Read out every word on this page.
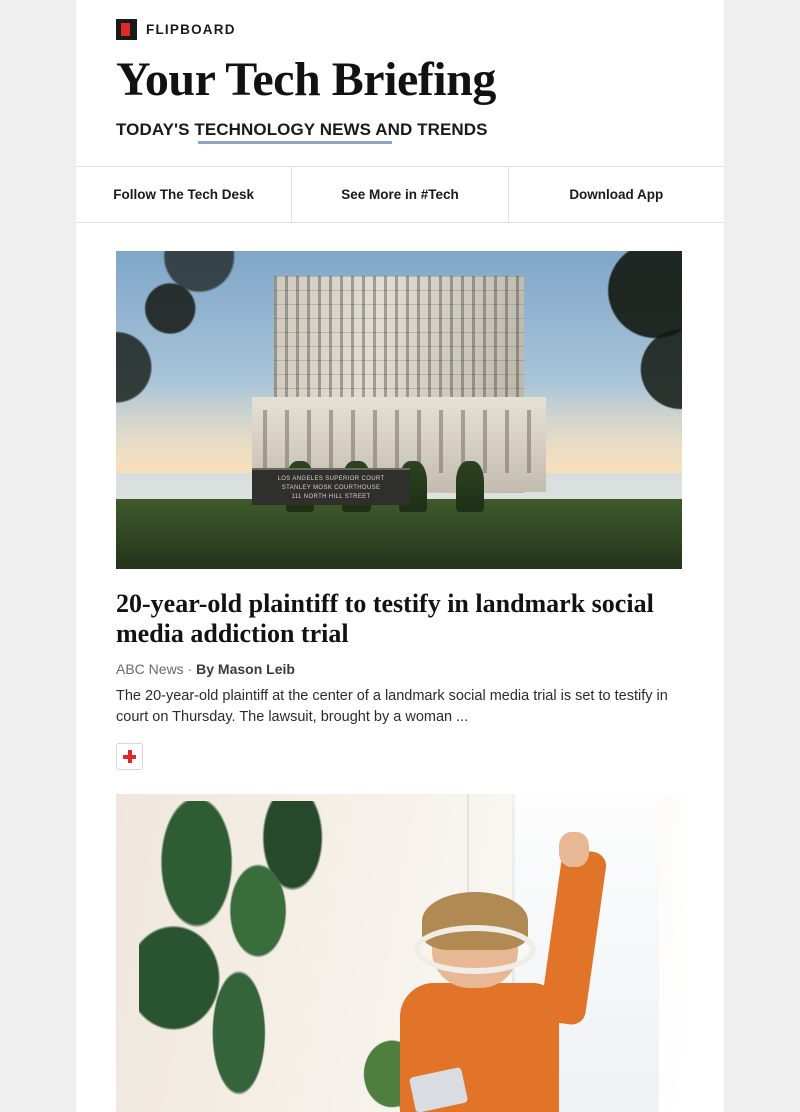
FLIPBOARD
Your Tech Briefing
TODAY'S TECHNOLOGY NEWS AND TRENDS
Follow The Tech Desk	See More in #Tech	Download App
LOS ANGELES SUPERIOR COURT
STANLEY MOSK COURTHOUSE
111 NORTH HILL STREET
20-year-old plaintiff to testify in landmark social media addiction trial
ABC News · By Mason Leib

The 20-year-old plaintiff at the center of a landmark social media trial is set to testify in court on Thursday. The lawsuit, brought by a woman ...
